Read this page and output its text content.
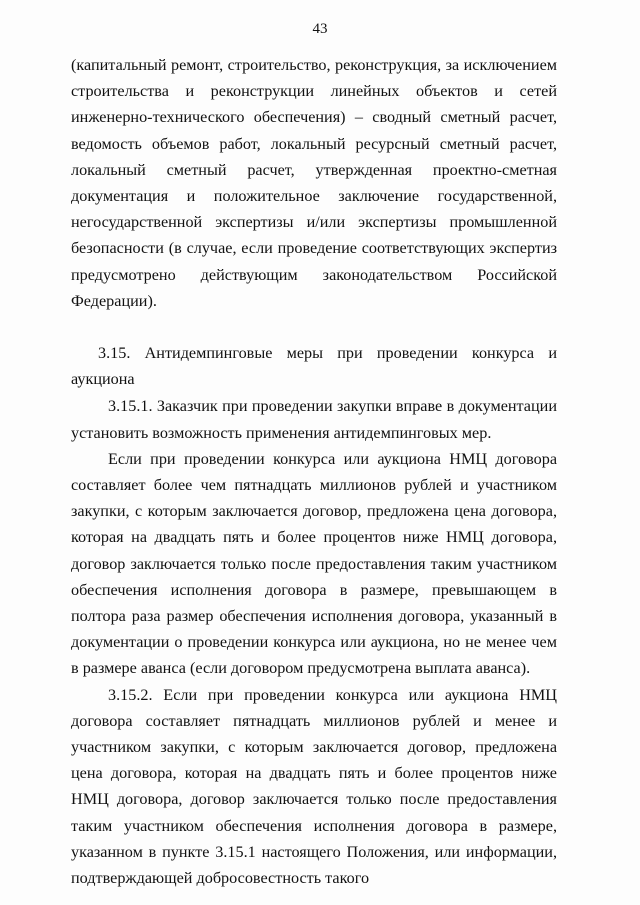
43

(капитальный ремонт, строительство, реконструкция, за исключением строительства и реконструкции линейных объектов и сетей инженерно-технического обеспечения) – сводный сметный расчет, ведомость объемов работ, локальный ресурсный сметный расчет, локальный сметный расчет, утвержденная проектно-сметная документация и положительное заключение государственной, негосударственной экспертизы и/или экспертизы промышленной безопасности (в случае, если проведение соответствующих экспертиз предусмотрено действующим законодательством Российской Федерации).

3.15. Антидемпинговые меры при проведении конкурса и аукциона

3.15.1. Заказчик при проведении закупки вправе в документации установить возможность применения антидемпинговых мер.

Если при проведении конкурса или аукциона НМЦ договора составляет более чем пятнадцать миллионов рублей и участником закупки, с которым заключается договор, предложена цена договора, которая на двадцать пять и более процентов ниже НМЦ договора, договор заключается только после предоставления таким участником обеспечения исполнения договора в размере, превышающем в полтора раза размер обеспечения исполнения договора, указанный в документации о проведении конкурса или аукциона, но не менее чем в размере аванса (если договором предусмотрена выплата аванса).

3.15.2. Если при проведении конкурса или аукциона НМЦ договора составляет пятнадцать миллионов рублей и менее и участником закупки, с которым заключается договор, предложена цена договора, которая на двадцать пять и более процентов ниже НМЦ договора, договор заключается только после предоставления таким участником обеспечения исполнения договора в размере, указанном в пункте 3.15.1 настоящего Положения, или информации, подтверждающей добросовестность такого
